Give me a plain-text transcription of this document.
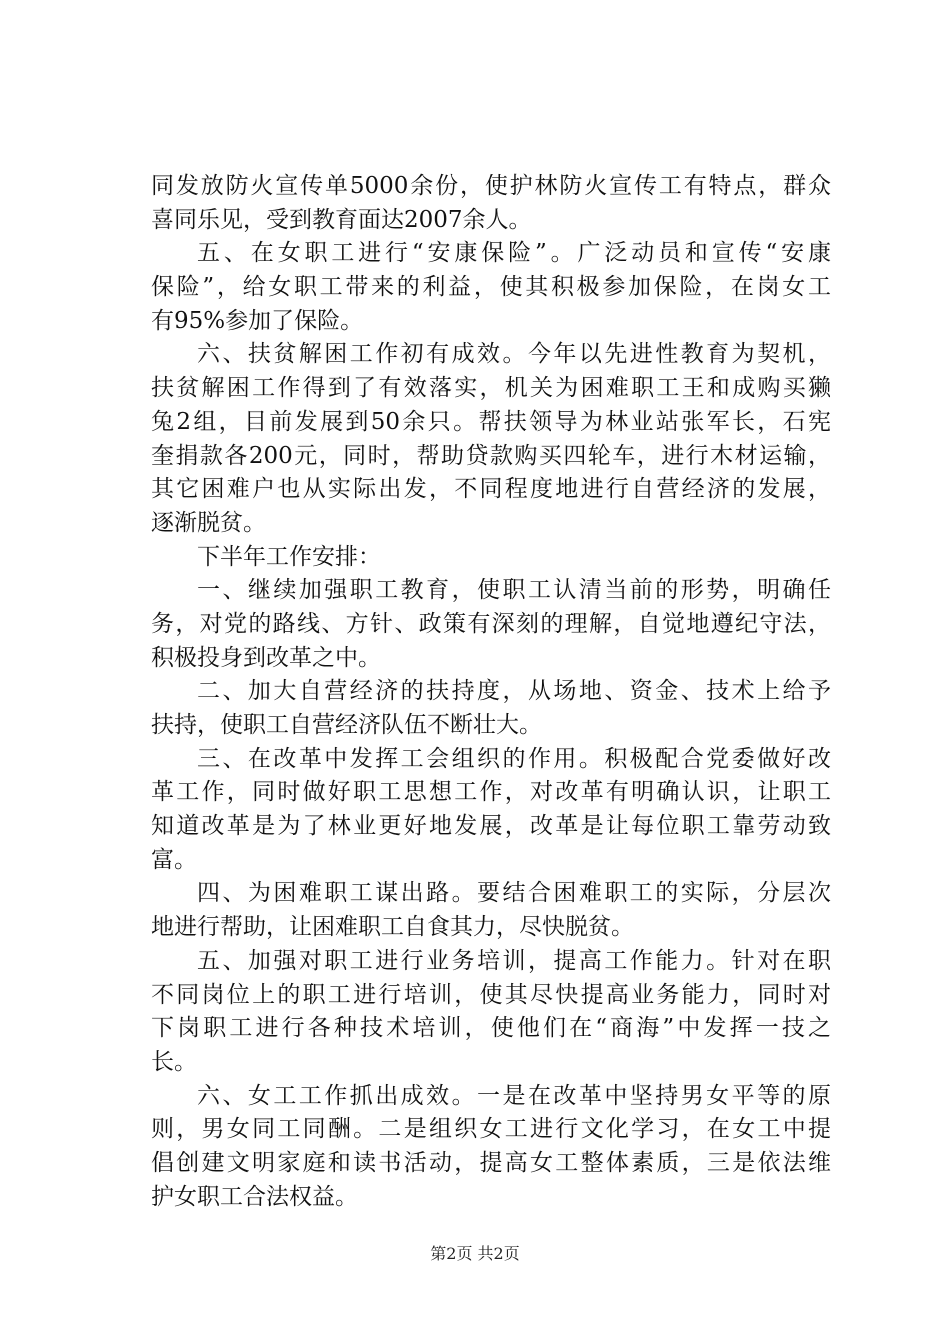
同发放防火宣传单5000余份，使护林防火宣传工有特点，群众
喜同乐见，受到教育面达2007余人。
五、在女职工进行“安康保险”。广泛动员和宣传“安康
保险”，给女职工带来的利益，使其积极参加保险，在岗女工
有95%参加了保险。
六、扶贫解困工作初有成效。今年以先进性教育为契机，
扶贫解困工作得到了有效落实，机关为困难职工王和成购买獭
兔2组，目前发展到50余只。帮扶领导为林业站张军长，石宪
奎捐款各200元，同时，帮助贷款购买四轮车，进行木材运输，
其它困难户也从实际出发，不同程度地进行自营经济的发展，
逐渐脱贫。
下半年工作安排：
一、继续加强职工教育，使职工认清当前的形势，明确任
务，对党的路线、方针、政策有深刻的理解，自觉地遵纪守法，
积极投身到改革之中。
二、加大自营经济的扶持度，从场地、资金、技术上给予
扶持，使职工自营经济队伍不断壮大。
三、在改革中发挥工会组织的作用。积极配合党委做好改
革工作，同时做好职工思想工作，对改革有明确认识，让职工
知道改革是为了林业更好地发展，改革是让每位职工靠劳动致
富。
四、为困难职工谋出路。要结合困难职工的实际，分层次
地进行帮助，让困难职工自食其力，尽快脱贫。
五、加强对职工进行业务培训，提高工作能力。针对在职
不同岗位上的职工进行培训，使其尽快提高业务能力，同时对
下岗职工进行各种技术培训，使他们在“商海”中发挥一技之
长。
六、女工工作抓出成效。一是在改革中坚持男女平等的原
则，男女同工同酬。二是组织女工进行文化学习，在女工中提
倡创建文明家庭和读书活动，提高女工整体素质，三是依法维
护女职工合法权益。
第2页 共2页
